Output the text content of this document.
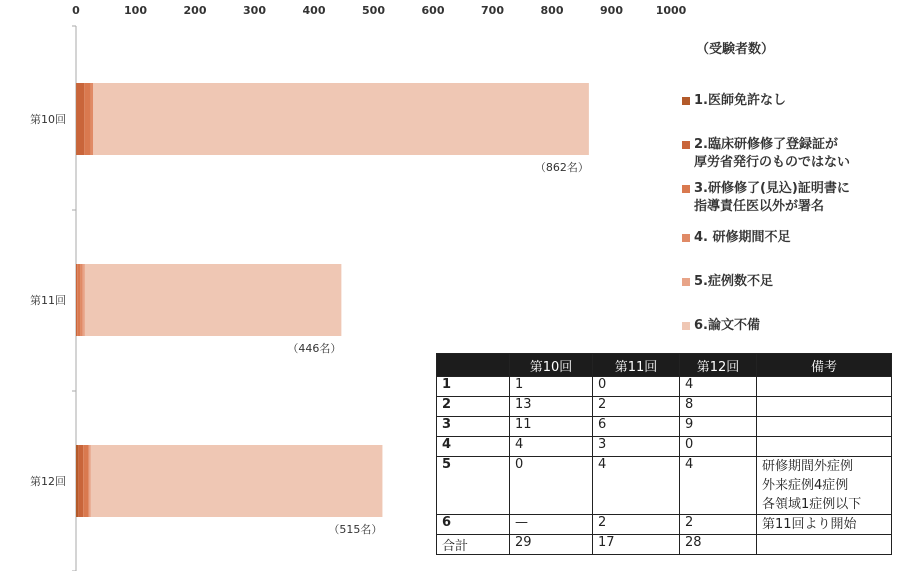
0	100	200	300	400	500	600	700	800	900	1000
第10回
第11回
第12回
（862名）
（446名）
（515名）
（受験者数）
1.医師免許なし
2.臨床研修修了登録証が
厚労省発行のものではない
3.研修修了(見込)証明書に
指導責任医以外が署名
4. 研修期間不足
5.症例数不足
6.論文不備
	第10回	第11回	第12回	備考
1	1	0	4	
2	13	2	8	
3	11	6	9	
4	4	3	0	
5	0	4	4	研修期間外症例
外来症例4症例
各領域1症例以下
6	—	2	2	第11回より開始
合計	29	17	28	
